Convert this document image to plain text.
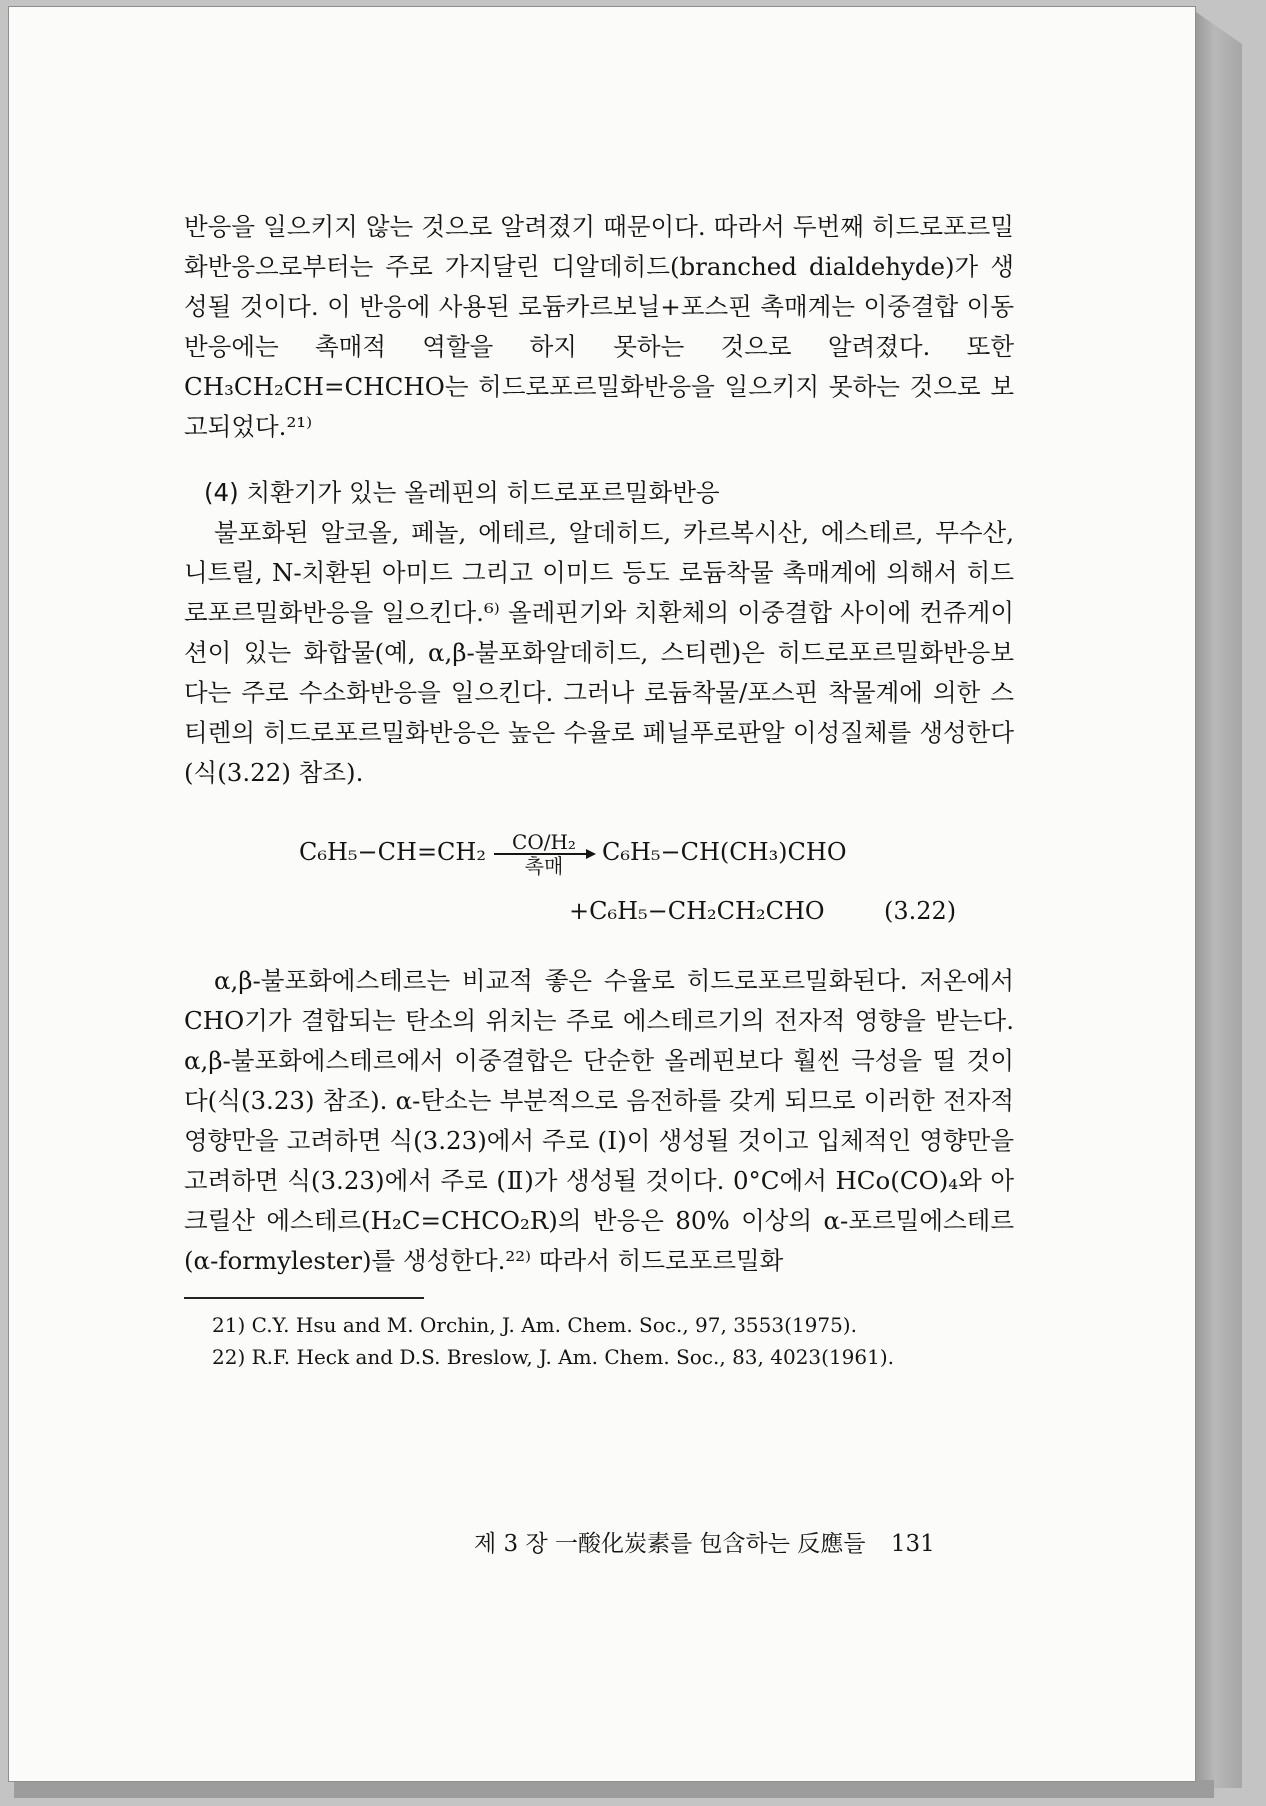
반응을 일으키지 않는 것으로 알려졌기 때문이다. 따라서 두번째 히드로포르밀화반응으로부터는 주로 가지달린 디알데히드(branched dialdehyde)가 생성될 것이다. 이 반응에 사용된 로듐카르보닐+포스핀 촉매계는 이중결합 이동반응에는 촉매적 역할을 하지 못하는 것으로 알려졌다. 또한 CH₃CH₂CH=CHCHO는 히드로포르밀화반응을 일으키지 못하는 것으로 보고되었다.²¹⁾

(4) 치환기가 있는 올레핀의 히드로포르밀화반응

불포화된 알코올, 페놀, 에테르, 알데히드, 카르복시산, 에스테르, 무수산, 니트릴, N-치환된 아미드 그리고 이미드 등도 로듐착물 촉매계에 의해서 히드로포르밀화반응을 일으킨다.⁶⁾ 올레핀기와 치환체의 이중결합 사이에 컨쥬게이션이 있는 화합물(예, α,β-불포화알데히드, 스티렌)은 히드로포르밀화반응보다는 주로 수소화반응을 일으킨다. 그러나 로듐착물/포스핀 착물계에 의한 스티렌의 히드로포르밀화반응은 높은 수율로 페닐푸로판알 이성질체를 생성한다(식(3.22) 참조).

C₆H₅−CH=CH₂ CO/H₂
촉매 C₆H₅−CH(CH₃)CHO
+C₆H₅−CH₂CH₂CHO (3.22)

α,β-불포화에스테르는 비교적 좋은 수율로 히드로포르밀화된다. 저온에서 CHO기가 결합되는 탄소의 위치는 주로 에스테르기의 전자적 영향을 받는다. α,β-불포화에스테르에서 이중결합은 단순한 올레핀보다 훨씬 극성을 띨 것이다(식(3.23) 참조). α-탄소는 부분적으로 음전하를 갖게 되므로 이러한 전자적 영향만을 고려하면 식(3.23)에서 주로 (Ⅰ)이 생성될 것이고 입체적인 영향만을 고려하면 식(3.23)에서 주로 (Ⅱ)가 생성될 것이다. 0°C에서 HCo(CO)₄와 아크릴산 에스테르(H₂C=CHCO₂R)의 반응은 80% 이상의 α-포르밀에스테르(α-formylester)를 생성한다.²²⁾ 따라서 히드로포르밀화

21) C.Y. Hsu and M. Orchin, J. Am. Chem. Soc., 97, 3553(1975).

22) R.F. Heck and D.S. Breslow, J. Am. Chem. Soc., 83, 4023(1961).

제 3 장 一酸化炭素를 包含하는 反應들 131
